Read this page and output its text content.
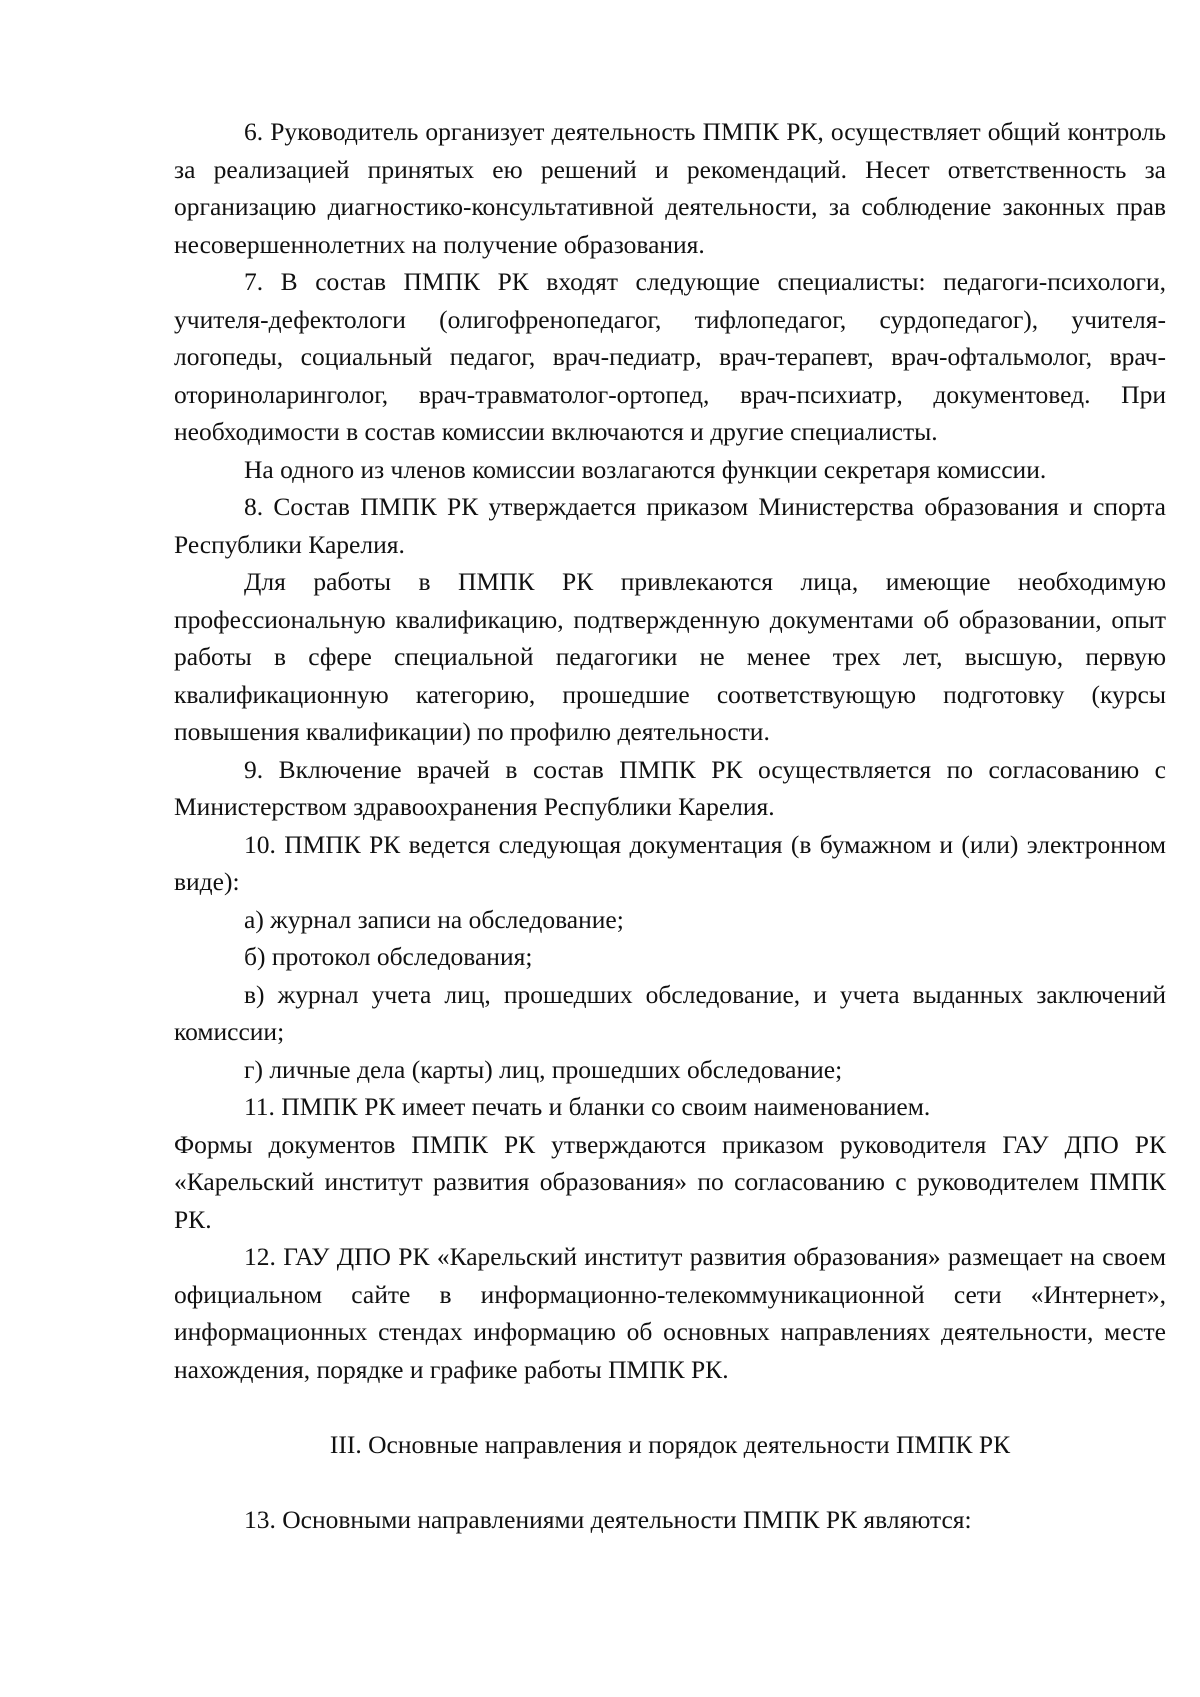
6. Руководитель организует деятельность ПМПК РК, осуществляет общий контроль за реализацией принятых ею решений и рекомендаций. Несет ответственность за организацию диагностико-консультативной деятельности, за соблюдение законных прав несовершеннолетних на получение образования.

7. В состав ПМПК РК входят следующие специалисты: педагоги-психологи, учителя-дефектологи (олигофренопедагог, тифлопедагог, сурдопедагог), учителя-логопеды, социальный педагог, врач-педиатр, врач-терапевт, врач-офтальмолог, врач-оториноларинголог, врач-травматолог-ортопед, врач-психиатр, документовед. При необходимости в состав комиссии включаются и другие специалисты.

На одного из членов комиссии возлагаются функции секретаря комиссии.

8. Состав ПМПК РК утверждается приказом Министерства образования и спорта Республики Карелия.

Для работы в ПМПК РК привлекаются лица, имеющие необходимую профессиональную квалификацию, подтвержденную документами об образовании, опыт работы в сфере специальной педагогики не менее трех лет, высшую, первую квалификационную категорию, прошедшие соответствующую подготовку (курсы повышения квалификации) по профилю деятельности.

9. Включение врачей в состав ПМПК РК осуществляется по согласованию с Министерством здравоохранения Республики Карелия.

10. ПМПК РК ведется следующая документация (в бумажном и (или) электронном виде):

а) журнал записи на обследование;

б) протокол обследования;

в) журнал учета лиц, прошедших обследование, и учета выданных заключений комиссии;

г) личные дела (карты) лиц, прошедших обследование;

11. ПМПК РК имеет печать и бланки со своим наименованием.

Формы документов ПМПК РК утверждаются приказом руководителя ГАУ ДПО РК «Карельский институт развития образования» по согласованию с руководителем ПМПК РК.

12. ГАУ ДПО РК «Карельский институт развития образования» размещает на своем официальном сайте в информационно-телекоммуникационной сети «Интернет», информационных стендах информацию об основных направлениях деятельности, месте нахождения, порядке и графике работы ПМПК РК.

III. Основные направления и порядок деятельности ПМПК РК

13. Основными направлениями деятельности ПМПК РК являются:
